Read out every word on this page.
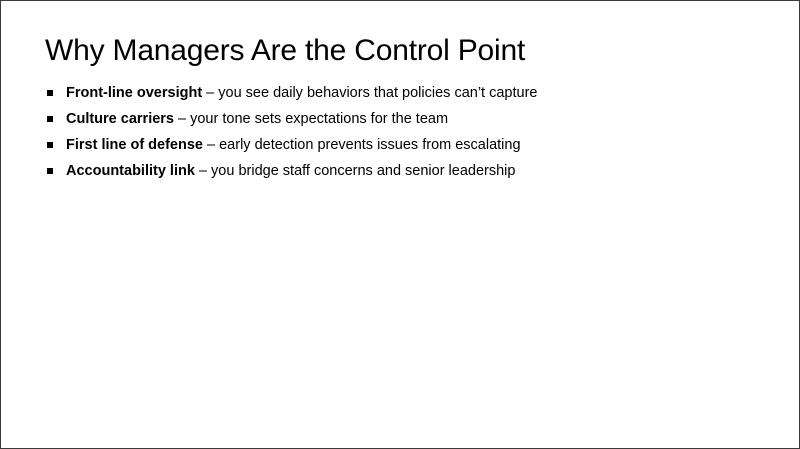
Why Managers Are the Control Point
Front-line oversight – you see daily behaviors that policies can’t capture
Culture carriers – your tone sets expectations for the team
First line of defense – early detection prevents issues from escalating
Accountability link – you bridge staff concerns and senior leadership
